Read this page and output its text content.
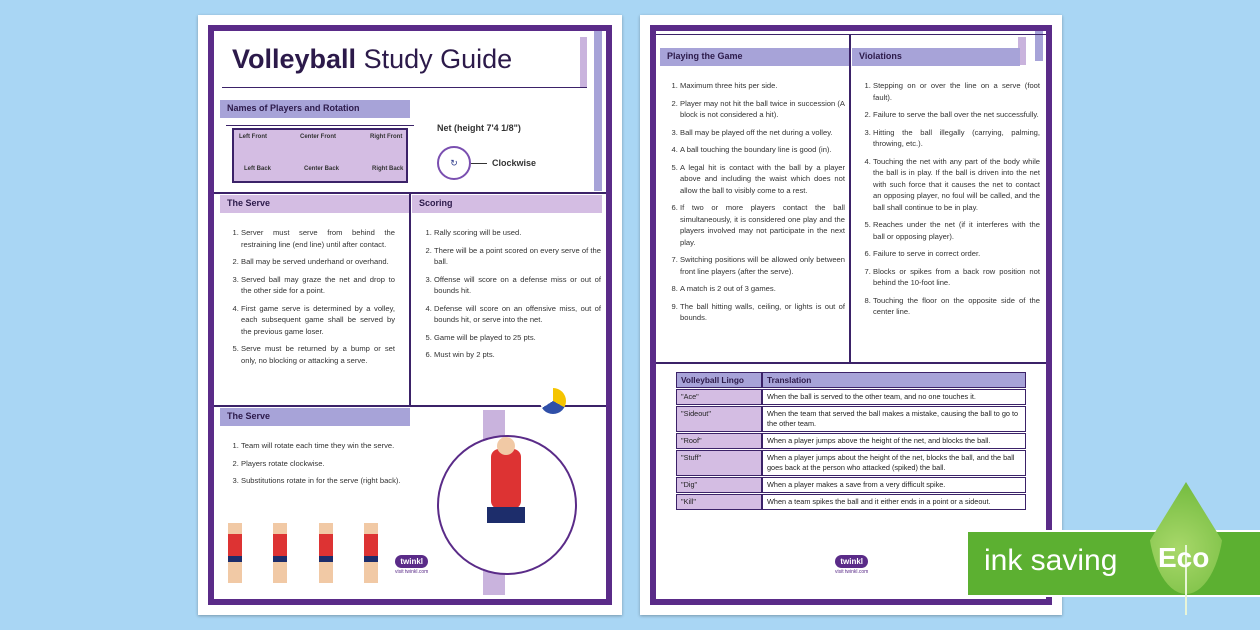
Volleyball Study Guide
Names of Players and Rotation
Left Front	Center Front	Right Front
Left Back	Center Back	Right Back
Net (height 7'4 1/8")
↻	Clockwise
The Serve	Scoring
1. Server must serve from behind the restraining line (end line) until after contact.
2. Ball may be served underhand or overhand.
3. Served ball may graze the net and drop to the other side for a point.
4. First game serve is determined by a volley, each subsequent game shall be served by the previous game loser.
5. Serve must be returned by a bump or set only, no blocking or attacking a serve.
1. Rally scoring will be used.
2. There will be a point scored on every serve of the ball.
3. Offense will score on a defense miss or out of bounds hit.
4. Defense will score on an offensive miss, out of bounds hit, or serve into the net.
5. Game will be played to 25 pts.
6. Must win by 2 pts.
The Serve
1. Team will rotate each time they win the serve.
2. Players rotate clockwise.
3. Substitutions rotate in for the serve (right back).
twinkl
visit twinkl.com
Playing the Game	Violations
1. Maximum three hits per side.
2. Player may not hit the ball twice in succession (A block is not considered a hit).
3. Ball may be played off the net during a volley.
4. A ball touching the boundary line is good (in).
5. A legal hit is contact with the ball by a player above and including the waist which does not allow the ball to visibly come to a rest.
6. If two or more players contact the ball simultaneously, it is considered one play and the players involved may not participate in the next play.
7. Switching positions will be allowed only between front line players (after the serve).
8. A match is 2 out of 3 games.
9. The ball hitting walls, ceiling, or lights is out of bounds.
1. Stepping on or over the line on a serve (foot fault).
2. Failure to serve the ball over the net successfully.
3. Hitting the ball illegally (carrying, palming, throwing, etc.).
4. Touching the net with any part of the body while the ball is in play. If the ball is driven into the net with such force that it causes the net to contact an opposing player, no foul will be called, and the ball shall continue to be in play.
5. Reaches under the net (if it interferes with the ball or opposing player).
6. Failure to serve in correct order.
7. Blocks or spikes from a back row position not behind the 10-foot line.
8. Touching the floor on the opposite side of the center line.
Volleyball Lingo	Translation
"Ace"	When the ball is served to the other team, and no one touches it.
"Sideout"	When the team that served the ball makes a mistake, causing the ball to go to the other team.
"Roof"	When a player jumps above the height of the net, and blocks the ball.
"Stuff"	When a player jumps about the height of the net, blocks the ball, and the ball goes back at the person who attacked (spiked) the ball.
"Dig"	When a player makes a save from a very difficult spike.
"Kill"	When a team spikes the ball and it either ends in a point or a sideout.
twinkl
visit twinkl.com	ink saving Eco
